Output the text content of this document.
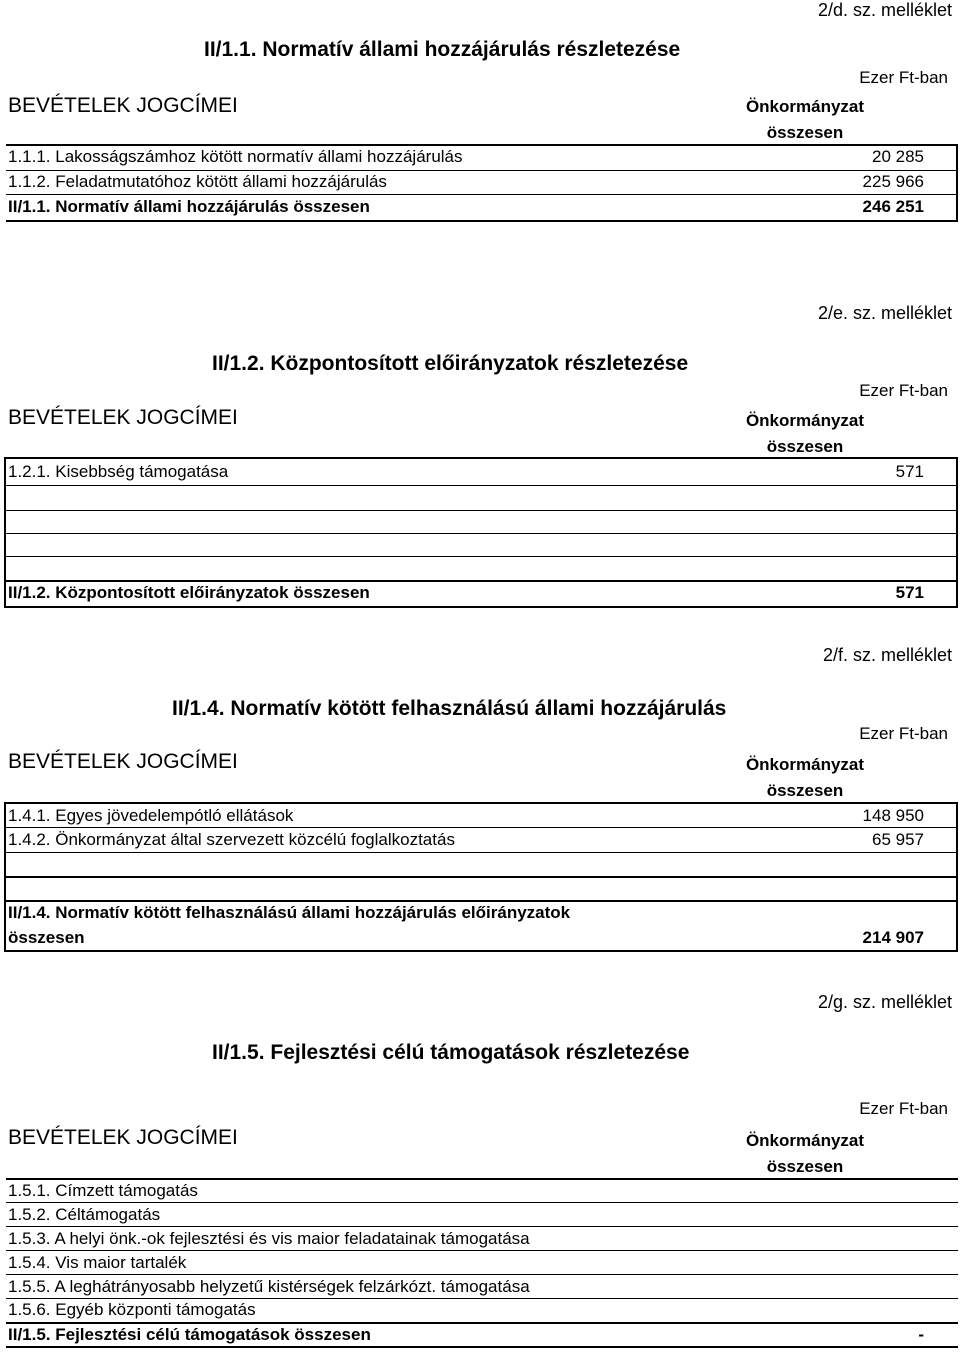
2/d. sz. melléklet
II/1.1. Normatív állami hozzájárulás részletezése
Ezer Ft-ban
BEVÉTELEK JOGCÍMEI	Önkormányzat
összesen
1.1.1. Lakosságszámhoz kötött normatív állami hozzájárulás	20 285
1.1.2. Feladatmutatóhoz kötött állami hozzájárulás	225 966
II/1.1. Normatív állami hozzájárulás összesen	246 251
2/e. sz. melléklet
II/1.2. Központosított előirányzatok részletezése
Ezer Ft-ban
BEVÉTELEK JOGCÍMEI	Önkormányzat
összesen
1.2.1. Kisebbség támogatása	571
II/1.2. Központosított előirányzatok összesen	571
2/f. sz. melléklet
II/1.4. Normatív kötött felhasználású állami hozzájárulás
Ezer Ft-ban
BEVÉTELEK JOGCÍMEI	Önkormányzat
összesen
1.4.1. Egyes jövedelempótló ellátások	148 950
1.4.2. Önkormányzat által szervezett közcélú foglalkoztatás	65 957
II/1.4. Normatív kötött felhasználású állami hozzájárulás előirányzatok
összesen	214 907
2/g. sz. melléklet
II/1.5. Fejlesztési célú támogatások részletezése
Ezer Ft-ban
BEVÉTELEK JOGCÍMEI	Önkormányzat
összesen
1.5.1. Címzett támogatás
1.5.2. Céltámogatás
1.5.3. A helyi önk.-ok fejlesztési és vis maior feladatainak támogatása
1.5.4. Vis maior tartalék
1.5.5. A leghátrányosabb helyzetű kistérségek felzárkózt. támogatása
1.5.6. Egyéb központi támogatás
II/1.5. Fejlesztési célú támogatások összesen	-
